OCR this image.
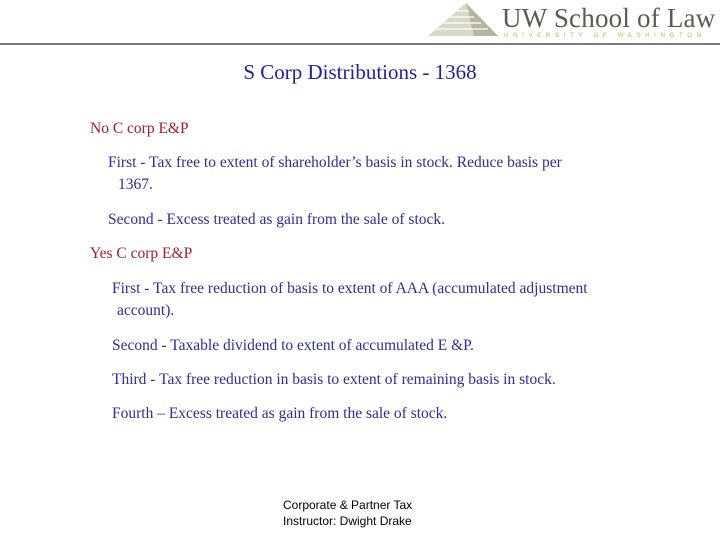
UW School of Law
UNIVERSITY OF WASHINGTON
S Corp Distributions - 1368
No C corp E&P
First - Tax free to extent of shareholder’s basis in stock. Reduce basis per
1367.
Second - Excess treated as gain from the sale of stock.
Yes C corp E&P
First - Tax free reduction of basis to extent of AAA (accumulated adjustment
account).
Second - Taxable dividend to extent of accumulated E &P.
Third - Tax free reduction in basis to extent of remaining basis in stock.
Fourth – Excess treated as gain from the sale of stock.
Corporate & Partner Tax
Instructor: Dwight Drake
